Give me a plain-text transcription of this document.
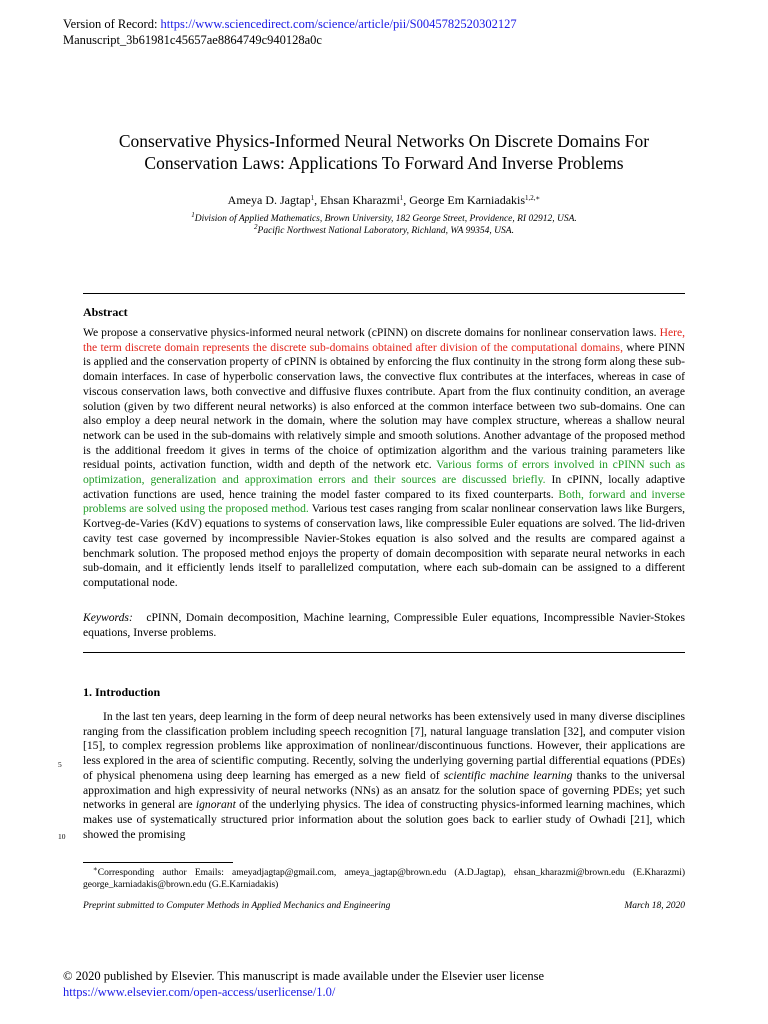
Version of Record: https://www.sciencedirect.com/science/article/pii/S0045782520302127
Manuscript_3b61981c45657ae8864749c940128a0c
Conservative Physics-Informed Neural Networks On Discrete Domains For
Conservation Laws: Applications To Forward And Inverse Problems
Ameya D. Jagtap$^1$, Ehsan Kharazmi$^1$, George Em Karniadakis$^{1,2,∗}$
$^1$Division of Applied Mathematics, Brown University, 182 George Street, Providence, RI 02912, USA.
$^2$Pacific Northwest National Laboratory, Richland, WA 99354, USA.
Abstract
We propose a conservative physics-informed neural network (cPINN) on discrete domains for nonlinear conservation laws. Here, the term discrete domain represents the discrete sub-domains obtained after division of the computational domains, where PINN is applied and the conservation property of cPINN is obtained by enforcing the flux continuity in the strong form along these sub-domain interfaces. In case of hyperbolic conservation laws, the convective flux contributes at the interfaces, whereas in case of viscous conservation laws, both convective and diffusive fluxes contribute. Apart from the flux continuity condition, an average solution (given by two different neural networks) is also enforced at the common interface between two sub-domains. One can also employ a deep neural network in the domain, where the solution may have complex structure, whereas a shallow neural network can be used in the sub-domains with relatively simple and smooth solutions. Another advantage of the proposed method is the additional freedom it gives in terms of the choice of optimization algorithm and the various training parameters like residual points, activation function, width and depth of the network etc. Various forms of errors involved in cPINN such as optimization, generalization and approximation errors and their sources are discussed briefly. In cPINN, locally adaptive activation functions are used, hence training the model faster compared to its fixed counterparts. Both, forward and inverse problems are solved using the proposed method. Various test cases ranging from scalar nonlinear conservation laws like Burgers, Kortveg-de-Varies (KdV) equations to systems of conservation laws, like compressible Euler equations are solved. The lid-driven cavity test case governed by incompressible Navier-Stokes equation is also solved and the results are compared against a benchmark solution. The proposed method enjoys the property of domain decomposition with separate neural networks in each sub-domain, and it efficiently lends itself to parallelized computation, where each sub-domain can be assigned to a different computational node.
Keywords: cPINN, Domain decomposition, Machine learning, Compressible Euler equations, Incompressible Navier-Stokes equations, Inverse problems.
1. Introduction
In the last ten years, deep learning in the form of deep neural networks has been extensively used in many diverse disciplines ranging from the classification problem including speech recognition [7], natural language translation [32], and computer vision [15], to complex regression problems like approximation of nonlinear/discontinuous functions. However, their applications are less explored in the area of scientific computing. Recently, solving the underlying governing partial differential equations (PDEs) of physical phenomena using deep learning has emerged as a new field of scientific machine learning thanks to the universal approximation and high expressivity of neural networks (NNs) as an ansatz for the solution space of governing PDEs; yet such networks in general are ignorant of the underlying physics. The idea of constructing physics-informed learning machines, which makes use of systematically structured prior information about the solution goes back to earlier study of Owhadi [21], which showed the promising
5
10
∗Corresponding author Emails: ameyadjagtap@gmail.com, ameya_jagtap@brown.edu (A.D.Jagtap), ehsan_kharazmi@brown.edu (E.Kharazmi) george_karniadakis@brown.edu (G.E.Karniadakis)
Preprint submitted to Computer Methods in Applied Mechanics and Engineering	March 18, 2020
© 2020 published by Elsevier. This manuscript is made available under the Elsevier user license
https://www.elsevier.com/open-access/userlicense/1.0/
